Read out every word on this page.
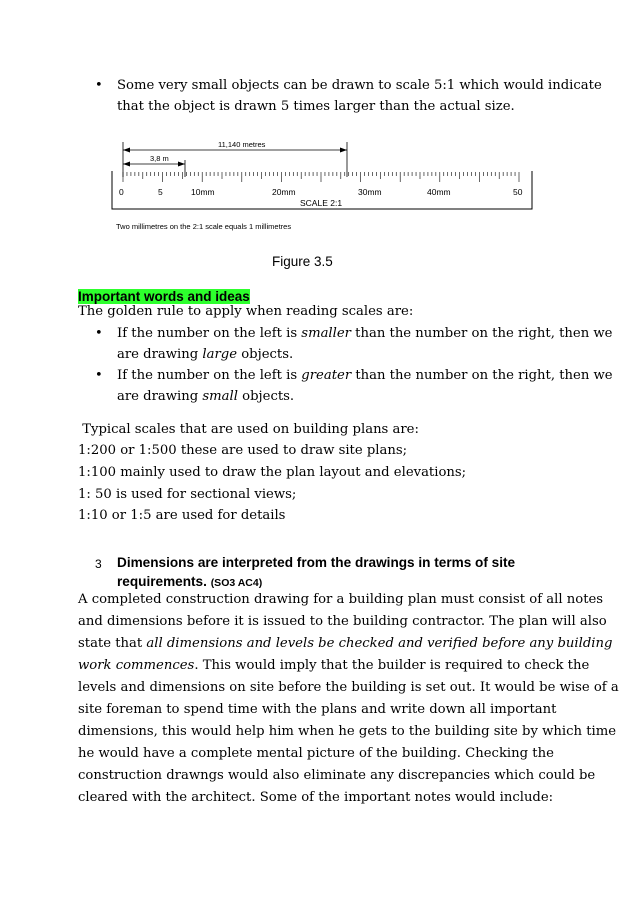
• Some very small objects can be drawn to scale 5:1 which would indicate
that the object is drawn 5 times larger than the actual size.
11,140 metres
3,8 m
0	5	10mm	20mm	30mm	40mm	50
SCALE 2:1
Two millimetres on the 2:1 scale equals 1 millimetres
Figure 3.5
Important words and ideas
The golden rule to apply when reading scales are:
• If the number on the left is smaller than the number on the right, then we
are drawing large objects.
• If the number on the left is greater than the number on the right, then we
are drawing small objects.
Typical scales that are used on building plans are:
1:200 or 1:500 these are used to draw site plans;
1:100 mainly used to draw the plan layout and elevations;
1: 50 is used for sectional views;
1:10 or 1:5 are used for details
3 Dimensions are interpreted from the drawings in terms of site
requirements. (SO3 AC4)
A completed construction drawing for a building plan must consist of all notes
and dimensions before it is issued to the building contractor. The plan will also
state that all dimensions and levels be checked and verified before any building
work commences. This would imply that the builder is required to check the
levels and dimensions on site before the building is set out. It would be wise of a
site foreman to spend time with the plans and write down all important
dimensions, this would help him when he gets to the building site by which time
he would have a complete mental picture of the building. Checking the
construction drawngs would also eliminate any discrepancies which could be
cleared with the architect. Some of the important notes would include:
